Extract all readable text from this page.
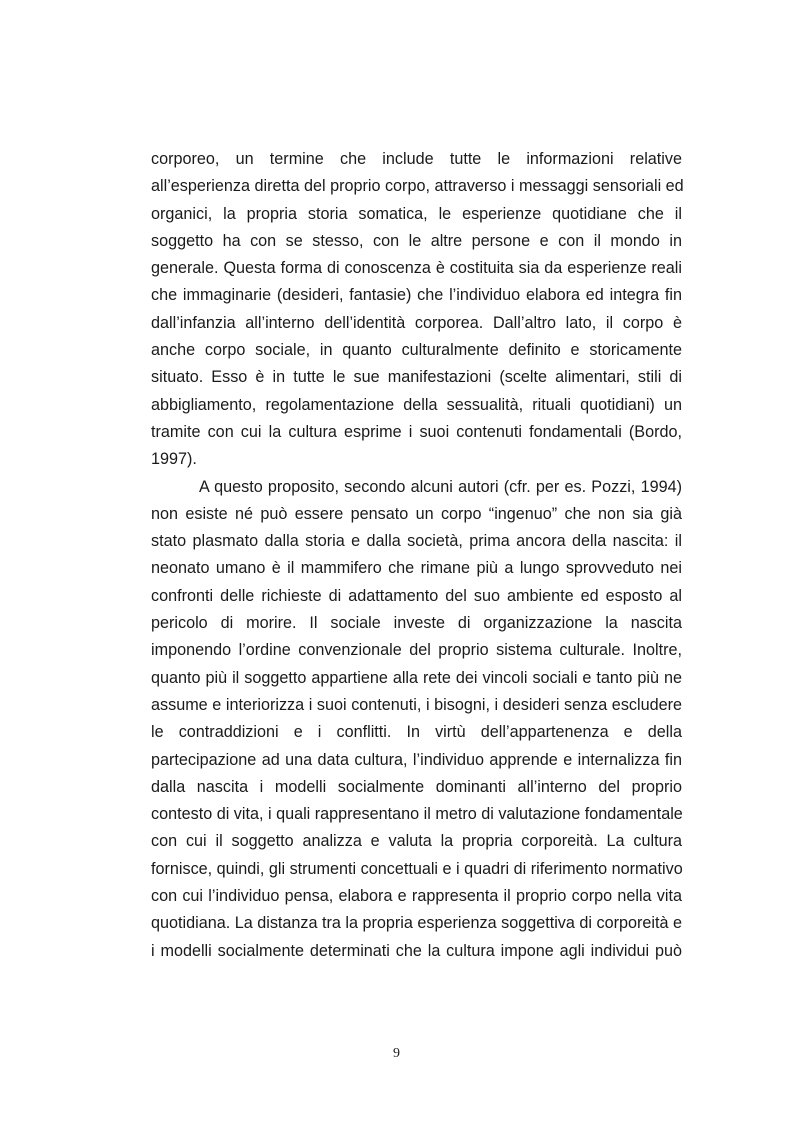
corporeo, un termine che include tutte le informazioni relative
all’esperienza diretta del proprio corpo, attraverso i messaggi sensoriali ed
organici, la propria storia somatica, le esperienze quotidiane che il
soggetto ha con se stesso, con le altre persone e con il mondo in
generale. Questa forma di conoscenza è costituita sia da esperienze reali
che immaginarie (desideri, fantasie) che l’individuo elabora ed integra fin
dall’infanzia all’interno dell’identità corporea. Dall’altro lato, il corpo è
anche corpo sociale, in quanto culturalmente definito e storicamente
situato. Esso è in tutte le sue manifestazioni (scelte alimentari, stili di
abbigliamento, regolamentazione della sessualità, rituali quotidiani) un
tramite con cui la cultura esprime i suoi contenuti fondamentali (Bordo,
1997).
A questo proposito, secondo alcuni autori (cfr. per es. Pozzi, 1994)
non esiste né può essere pensato un corpo “ingenuo” che non sia già
stato plasmato dalla storia e dalla società, prima ancora della nascita: il
neonato umano è il mammifero che rimane più a lungo sprovveduto nei
confronti delle richieste di adattamento del suo ambiente ed esposto al
pericolo di morire. Il sociale investe di organizzazione la nascita
imponendo l’ordine convenzionale del proprio sistema culturale. Inoltre,
quanto più il soggetto appartiene alla rete dei vincoli sociali e tanto più ne
assume e interiorizza i suoi contenuti, i bisogni, i desideri senza escludere
le contraddizioni e i conflitti. In virtù dell’appartenenza e della
partecipazione ad una data cultura, l’individuo apprende e internalizza fin
dalla nascita i modelli socialmente dominanti all’interno del proprio
contesto di vita, i quali rappresentano il metro di valutazione fondamentale
con cui il soggetto analizza e valuta la propria corporeità. La cultura
fornisce, quindi, gli strumenti concettuali e i quadri di riferimento normativo
con cui l’individuo pensa, elabora e rappresenta il proprio corpo nella vita
quotidiana. La distanza tra la propria esperienza soggettiva di corporeità e
i modelli socialmente determinati che la cultura impone agli individui può
9
